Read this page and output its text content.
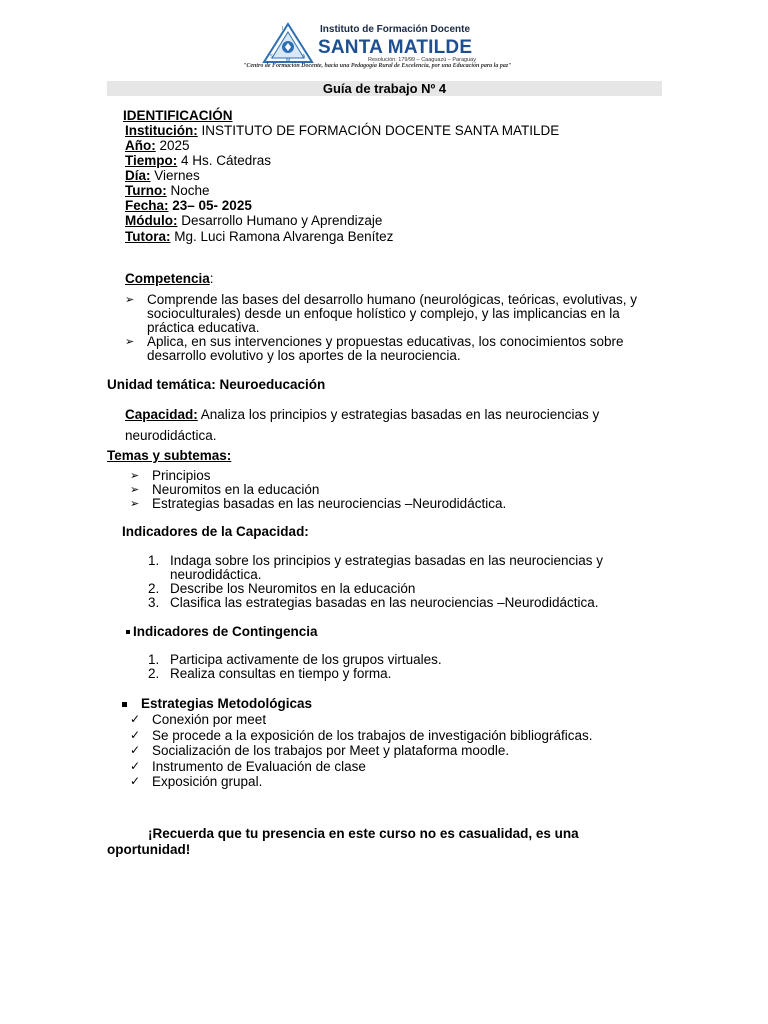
I
S	A
M
Instituto de Formación Docente
SANTA MATILDE
Resolución: 179/99 – Caaguazú – Paraguay
"Centro de Formación Docente, hacia una Pedagogía Rural de Excelencia, por una Educación para la paz"
Guía de trabajo Nº 4
IDENTIFICACIÓN
Institución: INSTITUTO DE FORMACIÓN DOCENTE SANTA MATILDE
Año: 2025
Tiempo: 4 Hs. Cátedras
Día: Viernes
Turno: Noche
Fecha: 23– 05- 2025
Módulo: Desarrollo Humano y Aprendizaje
Tutora: Mg. Luci Ramona Alvarenga Benítez
Competencia:
➢ Comprende las bases del desarrollo humano (neurológicas, teóricas, evolutivas, y socioculturales) desde un enfoque holístico y complejo, y las implicancias en la práctica educativa.
➢ Aplica, en sus intervenciones y propuestas educativas, los conocimientos sobre desarrollo evolutivo y los aportes de la neurociencia.
Unidad temática: Neuroeducación
Capacidad: Analiza los principios y estrategias basadas en las neurociencias y neurodidáctica.
Temas y subtemas:
➢ Principios
➢ Neuromitos en la educación
➢ Estrategias basadas en las neurociencias –Neurodidáctica.
Indicadores de la Capacidad:
1. Indaga sobre los principios y estrategias basadas en las neurociencias y neurodidáctica.
2. Describe los Neuromitos en la educación
3. Clasifica las estrategias basadas en las neurociencias –Neurodidáctica.
Indicadores de Contingencia
1. Participa activamente de los grupos virtuales.
2. Realiza consultas en tiempo y forma.
Estrategias Metodológicas
✓ Conexión por meet
✓ Se procede a la exposición de los trabajos de investigación bibliográficas.
✓ Socialización de los trabajos por Meet y plataforma moodle.
✓ Instrumento de Evaluación de clase
✓ Exposición grupal.
¡Recuerda que tu presencia en este curso no es casualidad, es una oportunidad!
